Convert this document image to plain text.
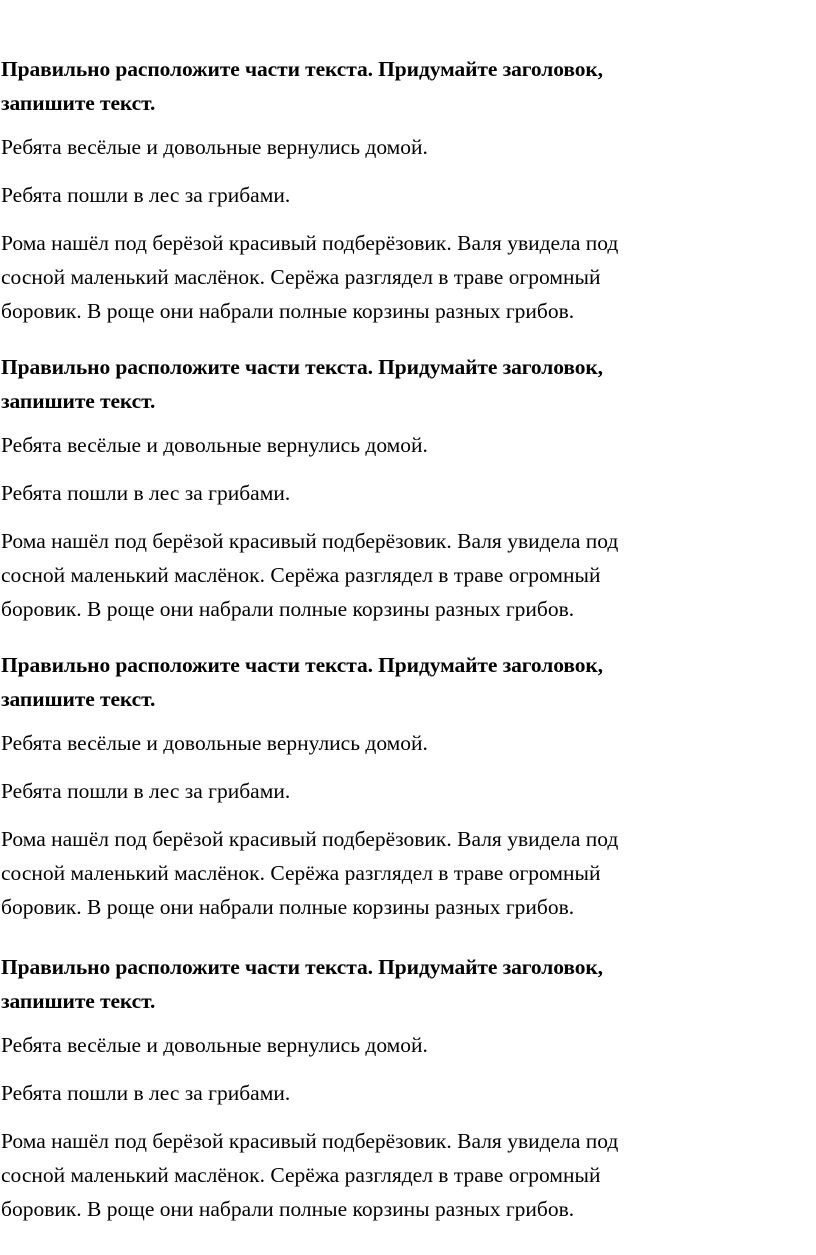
Правильно расположите части текста. Придумайте заголовок,
запишите текст.

Ребята весёлые и довольные вернулись домой.

Ребята пошли в лес за грибами.

Рома нашёл под берёзой красивый подберёзовик. Валя увидела под
сосной маленький маслёнок. Серёжа разглядел в траве огромный
боровик. В роще они набрали полные корзины разных грибов.

Правильно расположите части текста. Придумайте заголовок,
запишите текст.

Ребята весёлые и довольные вернулись домой.

Ребята пошли в лес за грибами.

Рома нашёл под берёзой красивый подберёзовик. Валя увидела под
сосной маленький маслёнок. Серёжа разглядел в траве огромный
боровик. В роще они набрали полные корзины разных грибов.

Правильно расположите части текста. Придумайте заголовок,
запишите текст.

Ребята весёлые и довольные вернулись домой.

Ребята пошли в лес за грибами.

Рома нашёл под берёзой красивый подберёзовик. Валя увидела под
сосной маленький маслёнок. Серёжа разглядел в траве огромный
боровик. В роще они набрали полные корзины разных грибов.

Правильно расположите части текста. Придумайте заголовок,
запишите текст.

Ребята весёлые и довольные вернулись домой.

Ребята пошли в лес за грибами.

Рома нашёл под берёзой красивый подберёзовик. Валя увидела под
сосной маленький маслёнок. Серёжа разглядел в траве огромный
боровик. В роще они набрали полные корзины разных грибов.
